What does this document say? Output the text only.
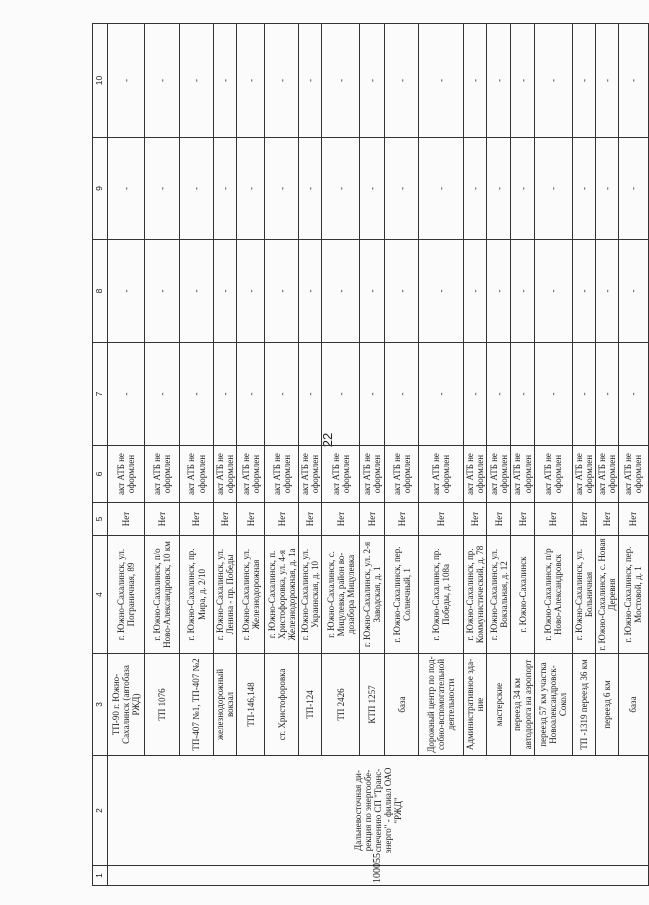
22
1	2	3	4	5	6	7	8	9	10
100055	Дальневосточная ди-рекция по энергообе-спечению СП "Транс-энерго" - филиал ОАО "РЖД"	ТП-90 г. Южно-Сахалинск (автобаза РЖД)	г. Южно-Сахалинск, ул. Пограничная, 89	Нет	акт АТБ не оформлен	-	-	-	-
		ТП 1076	г. Южно-Сахалинск, п/о Ново-Александровск, 10 км	Нет	акт АТБ не оформлен	-	-	-	-
		ТП-407 №1, ТП-407 №2	г. Южно-Сахалинск, пр. Мира, д. 2/10	Нет	акт АТБ не оформлен	-	-	-	-
		железнодорожный вокзал	г. Южно-Сахалинск, ул. Ленина - пр. Победы	Нет	акт АТБ не оформлен	-	-	-	-
		ТП-146,148	г. Южно-Сахалинск, ул. Железнодорожная	Нет	акт АТБ не оформлен	-	-	-	-
		ст. Христофоровка	г. Южно-Сахалинск, п. Христофоровка, ул. 4-я Железнодорожная, д. 1а	Нет	акт АТБ не оформлен	-	-	-	-
		ТП-124	г. Южно-Сахалинск, ул. Украинская, д. 10	Нет	акт АТБ не оформлен	-	-	-	-
		ТП 2426	г. Южно-Сахалинск, с. Мицулевка, район во-дозабора Мицулевка	Нет	акт АТБ не оформлен	-	-	-	-
		КТП 1257	г. Южно-Сахалинск, ул. 2-я Заводская, д. 1	Нет	акт АТБ не оформлен	-	-	-	-
		база	г. Южно-Сахалинск, пер. Солнечный, 1	Нет	акт АТБ не оформлен	-	-	-	-
		Дорожный центр по под-собно-вспомогательной деятельности	г. Южно-Сахалинск, пр. Победы, д. 108а	Нет	акт АТБ не оформлен	-	-	-	-
		Административное зда-ние	г. Южно-Сахалинск, пр. Коммунистический, д. 78	Нет	акт АТБ не оформлен	-	-	-	-
		мастерские	г. Южно-Сахалинск, ул. Вокзальная, д. 12	Нет	акт АТБ не оформлен	-	-	-	-
		переезд 34 км автодорога на аэропорт	г. Южно-Сахалинск	Нет	акт АТБ не оформлен	-	-	-	-
		переезд 57 км участка Новоалександровск-Сокол	г. Южно-Сахалинск, п/р Ново-Александровск	Нет	акт АТБ не оформлен	-	-	-	-
		ТП -1319 переезд 36 км	г. Южно-Сахалинск, ул. Больничная	Нет	акт АТБ не оформлен	-	-	-	-
		переезд 6 км	г. Южно-Сахалинск, с. Новая Деревня	Нет	акт АТБ не оформлен	-	-	-	-
		база	г. Южно-Сахалинск, пер. Мостовой, д. 1	Нет	акт АТБ не оформлен	-	-	-	-
